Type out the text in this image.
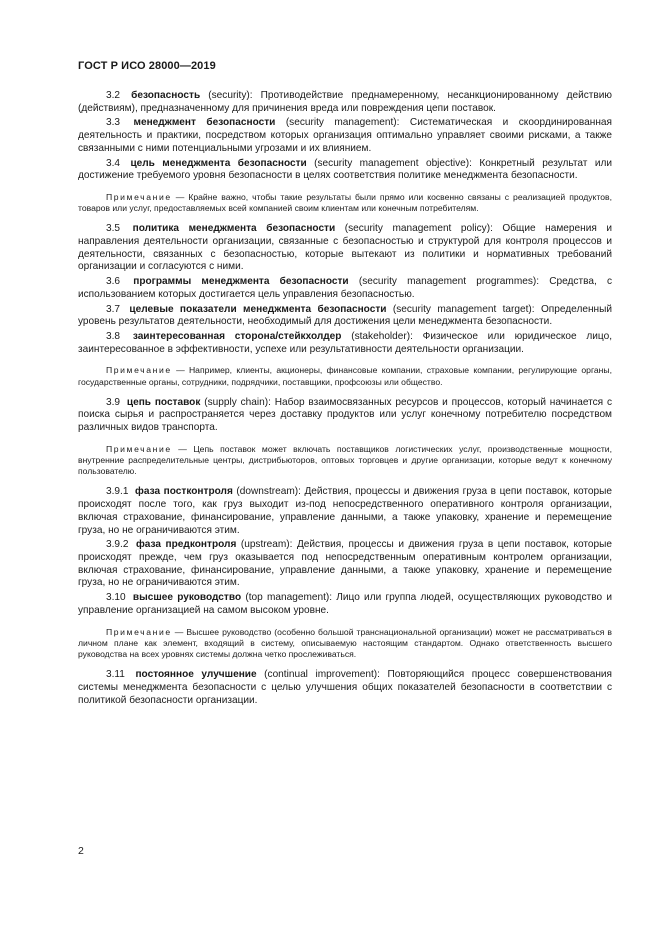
ГОСТ Р ИСО 28000—2019

3.2 безопасность (security): Противодействие преднамеренному, несанкционированному действию (действиям), предназначенному для причинения вреда или повреждения цепи поставок.

3.3 менеджмент безопасности (security management): Систематическая и скоординированная деятельность и практики, посредством которых организация оптимально управляет своими рисками, а также связанными с ними потенциальными угрозами и их влиянием.

3.4 цель менеджмента безопасности (security management objective): Конкретный результат или достижение требуемого уровня безопасности в целях соответствия политике менеджмента безопасности.

Примечание — Крайне важно, чтобы такие результаты были прямо или косвенно связаны с реализацией продуктов, товаров или услуг, предоставляемых всей компанией своим клиентам или конечным потребителям.

3.5 политика менеджмента безопасности (security management policy): Общие намерения и направления деятельности организации, связанные с безопасностью и структурой для контроля процессов и деятельности, связанных с безопасностью, которые вытекают из политики и нормативных требований организации и согласуются с ними.

3.6 программы менеджмента безопасности (security management programmes): Средства, с использованием которых достигается цель управления безопасностью.

3.7 целевые показатели менеджмента безопасности (security management target): Определенный уровень результатов деятельности, необходимый для достижения цели менеджмента безопасности.

3.8 заинтересованная сторона/стейкхолдер (stakeholder): Физическое или юридическое лицо, заинтересованное в эффективности, успехе или результативности деятельности организации.

Примечание — Например, клиенты, акционеры, финансовые компании, страховые компании, регулирующие органы, государственные органы, сотрудники, подрядчики, поставщики, профсоюзы или общество.

3.9 цепь поставок (supply chain): Набор взаимосвязанных ресурсов и процессов, который начинается с поиска сырья и распространяется через доставку продуктов или услуг конечному потребителю посредством различных видов транспорта.

Примечание — Цепь поставок может включать поставщиков логистических услуг, производственные мощности, внутренние распределительные центры, дистрибьюторов, оптовых торговцев и другие организации, которые ведут к конечному пользователю.

3.9.1 фаза постконтроля (downstream): Действия, процессы и движения груза в цепи поставок, которые происходят после того, как груз выходит из-под непосредственного оперативного контроля организации, включая страхование, финансирование, управление данными, а также упаковку, хранение и перемещение груза, но не ограничиваются этим.

3.9.2 фаза предконтроля (upstream): Действия, процессы и движения груза в цепи поставок, которые происходят прежде, чем груз оказывается под непосредственным оперативным контролем организации, включая страхование, финансирование, управление данными, а также упаковку, хранение и перемещение груза, но не ограничиваются этим.

3.10 высшее руководство (top management): Лицо или группа людей, осуществляющих руководство и управление организацией на самом высоком уровне.

Примечание — Высшее руководство (особенно большой транснациональной организации) может не рассматриваться в личном плане как элемент, входящий в систему, описываемую настоящим стандартом. Однако ответственность высшего руководства на всех уровнях системы должна четко прослеживаться.

3.11 постоянное улучшение (continual improvement): Повторяющийся процесс совершенствования системы менеджмента безопасности с целью улучшения общих показателей безопасности в соответствии с политикой безопасности организации.

2
